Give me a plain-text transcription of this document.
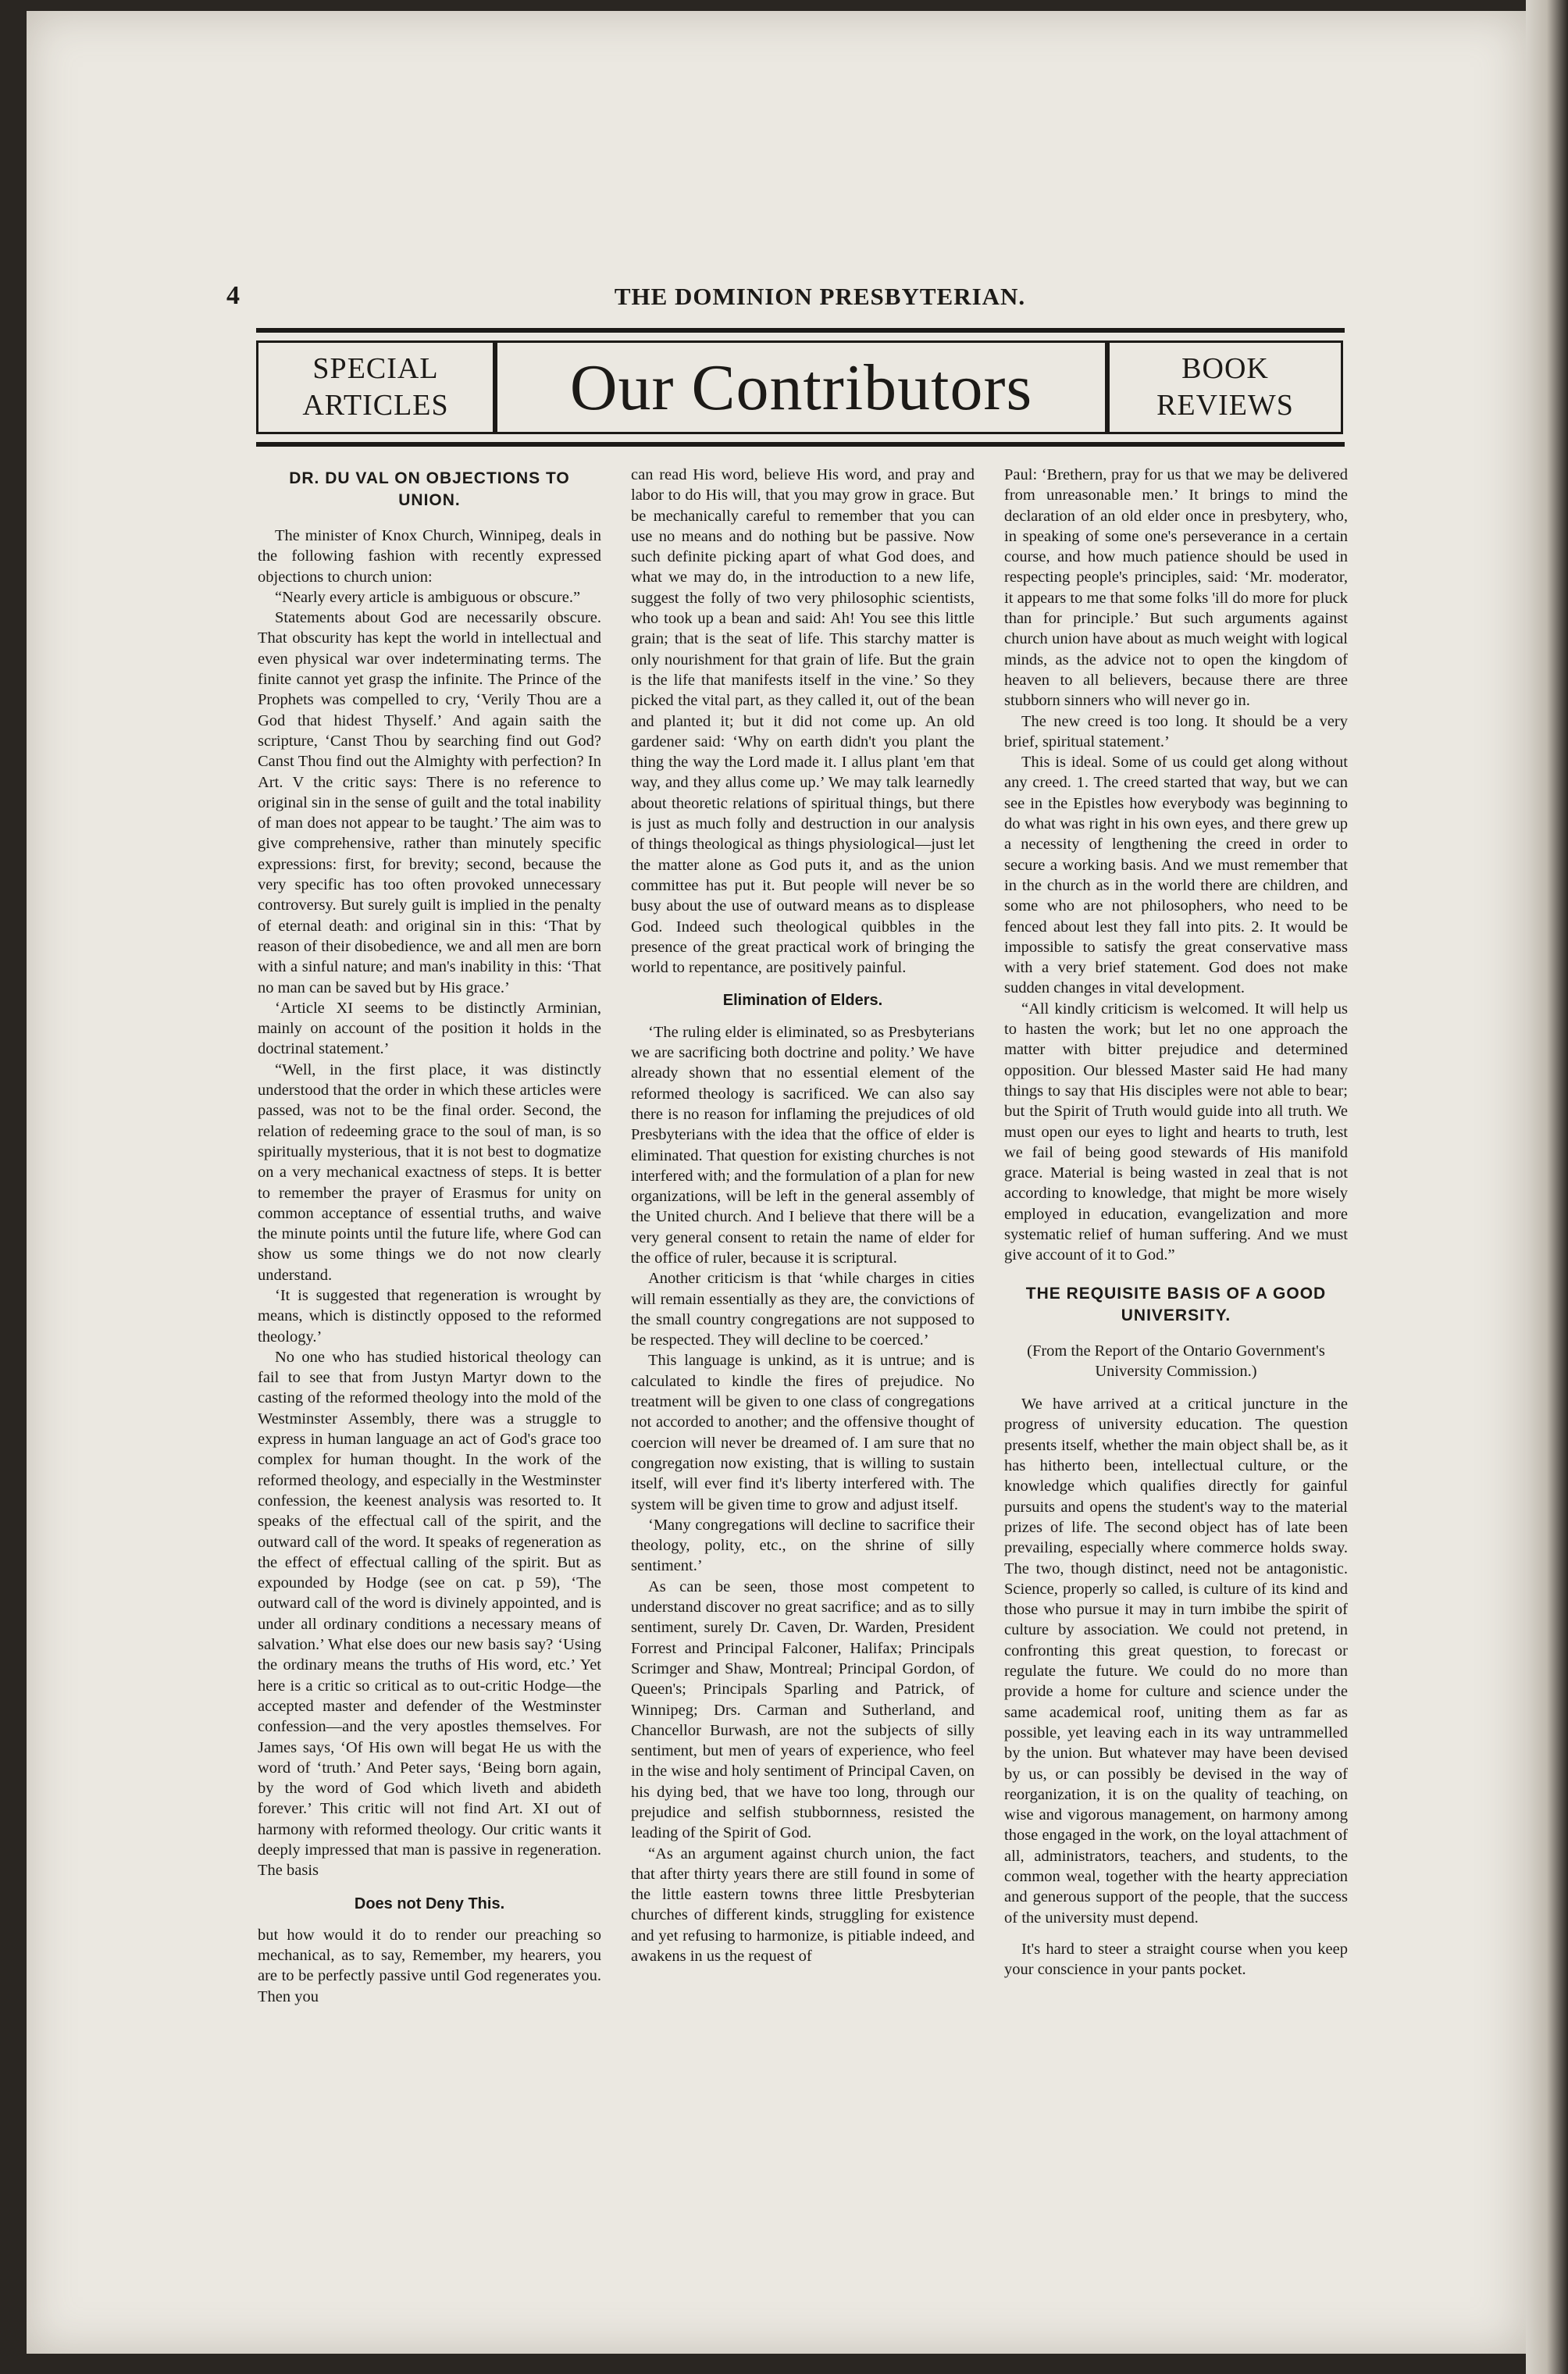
4	THE DOMINION PRESBYTERIAN.
SPECIAL
ARTICLES	Our Contributors	BOOK
REVIEWS

DR. DU VAL ON OBJECTIONS TO UNION.

The minister of Knox Church, Winnipeg, deals in the following fashion with recently expressed objections to church union:

“Nearly every article is ambiguous or obscure.”

Statements about God are necessarily obscure. That obscurity has kept the world in intellectual and even physical war over indeterminating terms. The finite cannot yet grasp the infinite. The Prince of the Prophets was compelled to cry, ‘Verily Thou are a God that hidest Thyself.’ And again saith the scripture, ‘Canst Thou by searching find out God? Canst Thou find out the Almighty with perfection? In Art. V the critic says: There is no reference to original sin in the sense of guilt and the total inability of man does not appear to be taught.’ The aim was to give comprehensive, rather than minutely specific expressions: first, for brevity; second, because the very specific has too often provoked unnecessary controversy. But surely guilt is implied in the penalty of eternal death: and original sin in this: ‘That by reason of their disobedience, we and all men are born with a sinful nature; and man's inability in this: ‘That no man can be saved but by His grace.’

‘Article XI seems to be distinctly Arminian, mainly on account of the position it holds in the doctrinal statement.’

“Well, in the first place, it was distinctly understood that the order in which these articles were passed, was not to be the final order. Second, the relation of redeeming grace to the soul of man, is so spiritually mysterious, that it is not best to dogmatize on a very mechanical exactness of steps. It is better to remember the prayer of Erasmus for unity on common acceptance of essential truths, and waive the minute points until the future life, where God can show us some things we do not now clearly understand.

‘It is suggested that regeneration is wrought by means, which is distinctly opposed to the reformed theology.’

No one who has studied historical theology can fail to see that from Justyn Martyr down to the casting of the reformed theology into the mold of the Westminster Assembly, there was a struggle to express in human language an act of God's grace too complex for human thought. In the work of the reformed theology, and especially in the Westminster confession, the keenest analysis was resorted to. It speaks of the effectual call of the spirit, and the outward call of the word. It speaks of regeneration as the effect of effectual calling of the spirit. But as expounded by Hodge (see on cat. p 59), ‘The outward call of the word is divinely appointed, and is under all ordinary conditions a necessary means of salvation.’ What else does our new basis say? ‘Using the ordinary means the truths of His word, etc.’ Yet here is a critic so critical as to out-critic Hodge—the accepted master and defender of the Westminster confession—and the very apostles themselves. For James says, ‘Of His own will begat He us with the word of ‘truth.’ And Peter says, ‘Being born again, by the word of God which liveth and abideth forever.’ This critic will not find Art. XI out of harmony with reformed theology. Our critic wants it deeply impressed that man is passive in regeneration. The basis

Does not Deny This.

but how would it do to render our preaching so mechanical, as to say, Remember, my hearers, you are to be perfectly passive until God regenerates you. Then you

can read His word, believe His word, and pray and labor to do His will, that you may grow in grace. But be mechanically careful to remember that you can use no means and do nothing but be passive. Now such definite picking apart of what God does, and what we may do, in the introduction to a new life, suggest the folly of two very philosophic scientists, who took up a bean and said: Ah! You see this little grain; that is the seat of life. This starchy matter is only nourishment for that grain of life. But the grain is the life that manifests itself in the vine.’ So they picked the vital part, as they called it, out of the bean and planted it; but it did not come up. An old gardener said: ‘Why on earth didn't you plant the thing the way the Lord made it. I allus plant 'em that way, and they allus come up.’ We may talk learnedly about theoretic relations of spiritual things, but there is just as much folly and destruction in our analysis of things theological as things physiological—just let the matter alone as God puts it, and as the union committee has put it. But people will never be so busy about the use of outward means as to displease God. Indeed such theological quibbles in the presence of the great practical work of bringing the world to repentance, are positively painful.

Elimination of Elders.

‘The ruling elder is eliminated, so as Presbyterians we are sacrificing both doctrine and polity.’ We have already shown that no essential element of the reformed theology is sacrificed. We can also say there is no reason for inflaming the prejudices of old Presbyterians with the idea that the office of elder is eliminated. That question for existing churches is not interfered with; and the formulation of a plan for new organizations, will be left in the general assembly of the United church. And I believe that there will be a very general consent to retain the name of elder for the office of ruler, because it is scriptural.

Another criticism is that ‘while charges in cities will remain essentially as they are, the convictions of the small country congregations are not supposed to be respected. They will decline to be coerced.’

This language is unkind, as it is untrue; and is calculated to kindle the fires of prejudice. No treatment will be given to one class of congregations not accorded to another; and the offensive thought of coercion will never be dreamed of. I am sure that no congregation now existing, that is willing to sustain itself, will ever find it's liberty interfered with. The system will be given time to grow and adjust itself.

‘Many congregations will decline to sacrifice their theology, polity, etc., on the shrine of silly sentiment.’

As can be seen, those most competent to understand discover no great sacrifice; and as to silly sentiment, surely Dr. Caven, Dr. Warden, President Forrest and Principal Falconer, Halifax; Principals Scrimger and Shaw, Montreal; Principal Gordon, of Queen's; Principals Sparling and Patrick, of Winnipeg; Drs. Carman and Sutherland, and Chancellor Burwash, are not the subjects of silly sentiment, but men of years of experience, who feel in the wise and holy sentiment of Principal Caven, on his dying bed, that we have too long, through our prejudice and selfish stubbornness, resisted the leading of the Spirit of God.

“As an argument against church union, the fact that after thirty years there are still found in some of the little eastern towns three little Presbyterian churches of different kinds, struggling for existence and yet refusing to harmonize, is pitiable indeed, and awakens in us the request of

Paul: ‘Brethern, pray for us that we may be delivered from unreasonable men.’ It brings to mind the declaration of an old elder once in presbytery, who, in speaking of some one's perseverance in a certain course, and how much patience should be used in respecting people's principles, said: ‘Mr. moderator, it appears to me that some folks 'ill do more for pluck than for principle.’ But such arguments against church union have about as much weight with logical minds, as the advice not to open the kingdom of heaven to all believers, because there are three stubborn sinners who will never go in.

The new creed is too long. It should be a very brief, spiritual statement.’

This is ideal. Some of us could get along without any creed. 1. The creed started that way, but we can see in the Epistles how everybody was beginning to do what was right in his own eyes, and there grew up a necessity of lengthening the creed in order to secure a working basis. And we must remember that in the church as in the world there are children, and some who are not philosophers, who need to be fenced about lest they fall into pits. 2. It would be impossible to satisfy the great conservative mass with a very brief statement. God does not make sudden changes in vital development.

“All kindly criticism is welcomed. It will help us to hasten the work; but let no one approach the matter with bitter prejudice and determined opposition. Our blessed Master said He had many things to say that His disciples were not able to bear; but the Spirit of Truth would guide into all truth. We must open our eyes to light and hearts to truth, lest we fail of being good stewards of His manifold grace. Material is being wasted in zeal that is not according to knowledge, that might be more wisely employed in education, evangelization and more systematic relief of human suffering. And we must give account of it to God.”

THE REQUISITE BASIS OF A GOOD UNIVERSITY.

(From the Report of the Ontario Government's University Commission.)

We have arrived at a critical juncture in the progress of university education. The question presents itself, whether the main object shall be, as it has hitherto been, intellectual culture, or the knowledge which qualifies directly for gainful pursuits and opens the student's way to the material prizes of life. The second object has of late been prevailing, especially where commerce holds sway. The two, though distinct, need not be antagonistic. Science, properly so called, is culture of its kind and those who pursue it may in turn imbibe the spirit of culture by association. We could not pretend, in confronting this great question, to forecast or regulate the future. We could do no more than provide a home for culture and science under the same academical roof, uniting them as far as possible, yet leaving each in its way untrammelled by the union. But whatever may have been devised by us, or can possibly be devised in the way of reorganization, it is on the quality of teaching, on wise and vigorous management, on harmony among those engaged in the work, on the loyal attachment of all, administrators, teachers, and students, to the common weal, together with the hearty appreciation and generous support of the people, that the success of the university must depend.

It's hard to steer a straight course when you keep your conscience in your pants pocket.
